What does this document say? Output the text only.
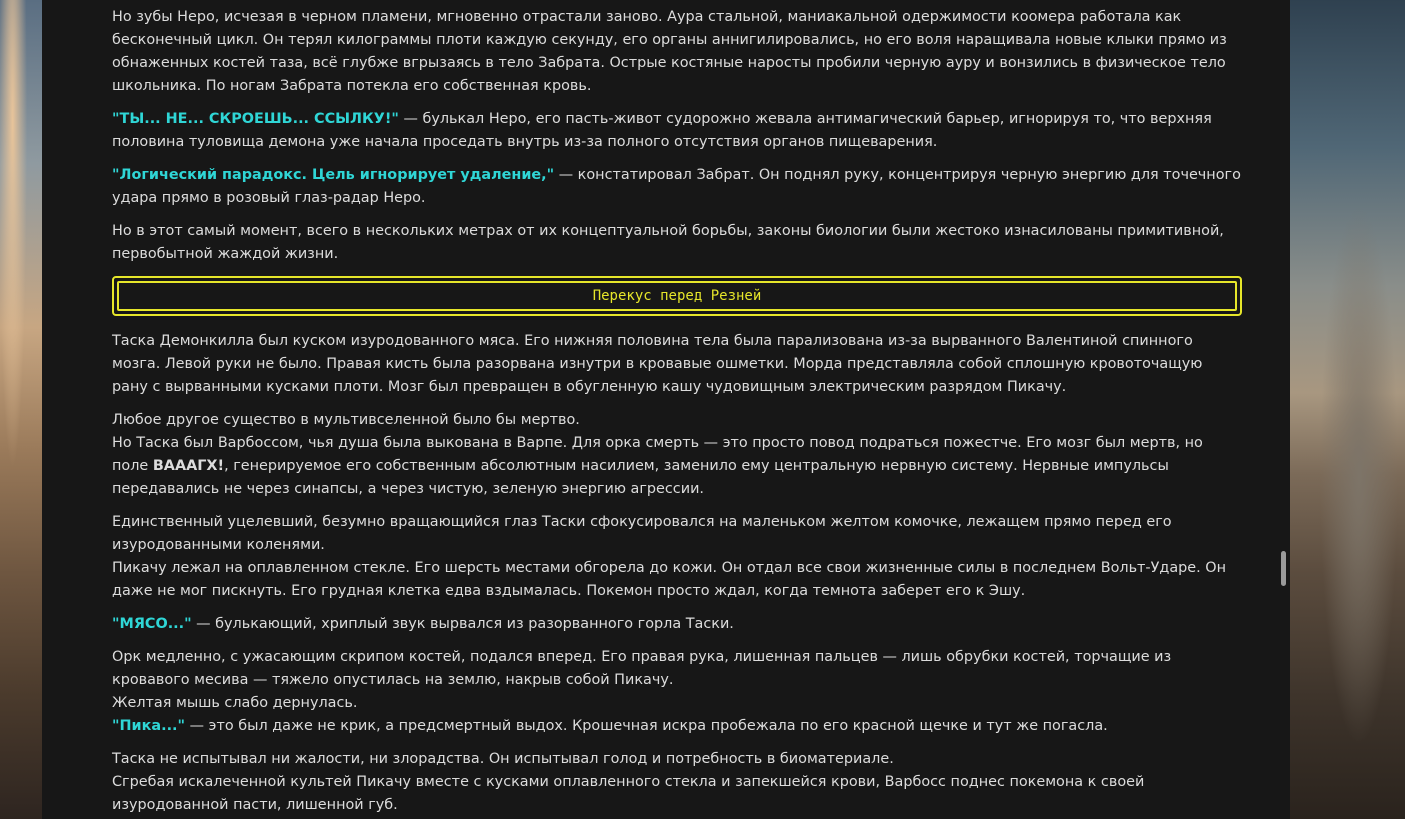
Но зубы Неро, исчезая в черном пламени, мгновенно отрастали заново. Аура стальной, маниакальной одержимости коомера работала как бесконечный цикл. Он терял килограммы плоти каждую секунду, его органы аннигилировались, но его воля наращивала новые клыки прямо из обнаженных костей таза, всё глубже вгрызаясь в тело Забрата. Острые костяные наросты пробили черную ауру и вонзились в физическое тело школьника. По ногам Забрата потекла его собственная кровь.

"ТЫ... НЕ... СКРОЕШЬ... ССЫЛКУ!" — булькал Неро, его пасть-живот судорожно жевала антимагический барьер, игнорируя то, что верхняя половина туловища демона уже начала проседать внутрь из-за полного отсутствия органов пищеварения.

"Логический парадокс. Цель игнорирует удаление," — констатировал Забрат. Он поднял руку, концентрируя черную энергию для точечного удара прямо в розовый глаз-радар Неро.

Но в этот самый момент, всего в нескольких метрах от их концептуальной борьбы, законы биологии были жестоко изнасилованы примитивной, первобытной жаждой жизни.

Перекус перед Резней

Таска Демонкилла был куском изуродованного мяса. Его нижняя половина тела была парализована из-за вырванного Валентиной спинного мозга. Левой руки не было. Правая кисть была разорвана изнутри в кровавые ошметки. Морда представляла собой сплошную кровоточащую рану с вырванными кусками плоти. Мозг был превращен в обугленную кашу чудовищным электрическим разрядом Пикачу.

Любое другое существо в мультивселенной было бы мертво.
Но Таска был Варбоссом, чья душа была выкована в Варпе. Для орка смерть — это просто повод подраться пожестче. Его мозг был мертв, но поле ВАААГХ!, генерируемое его собственным абсолютным насилием, заменило ему центральную нервную систему. Нервные импульсы передавались не через синапсы, а через чистую, зеленую энергию агрессии.

Единственный уцелевший, безумно вращающийся глаз Таски сфокусировался на маленьком желтом комочке, лежащем прямо перед его изуродованными коленями.
Пикачу лежал на оплавленном стекле. Его шерсть местами обгорела до кожи. Он отдал все свои жизненные силы в последнем Вольт-Ударе. Он даже не мог пискнуть. Его грудная клетка едва вздымалась. Покемон просто ждал, когда темнота заберет его к Эшу.

"МЯСО..." — булькающий, хриплый звук вырвался из разорванного горла Таски.

Орк медленно, с ужасающим скрипом костей, подался вперед. Его правая рука, лишенная пальцев — лишь обрубки костей, торчащие из кровавого месива — тяжело опустилась на землю, накрыв собой Пикачу.
Желтая мышь слабо дернулась.
"Пика..." — это был даже не крик, а предсмертный выдох. Крошечная искра пробежала по его красной щечке и тут же погасла.

Таска не испытывал ни жалости, ни злорадства. Он испытывал голод и потребность в биоматериале.
Сгребая искалеченной культей Пикачу вместе с кусками оплавленного стекла и запекшейся крови, Варбосс поднес покемона к своей изуродованной пасти, лишенной губ.
